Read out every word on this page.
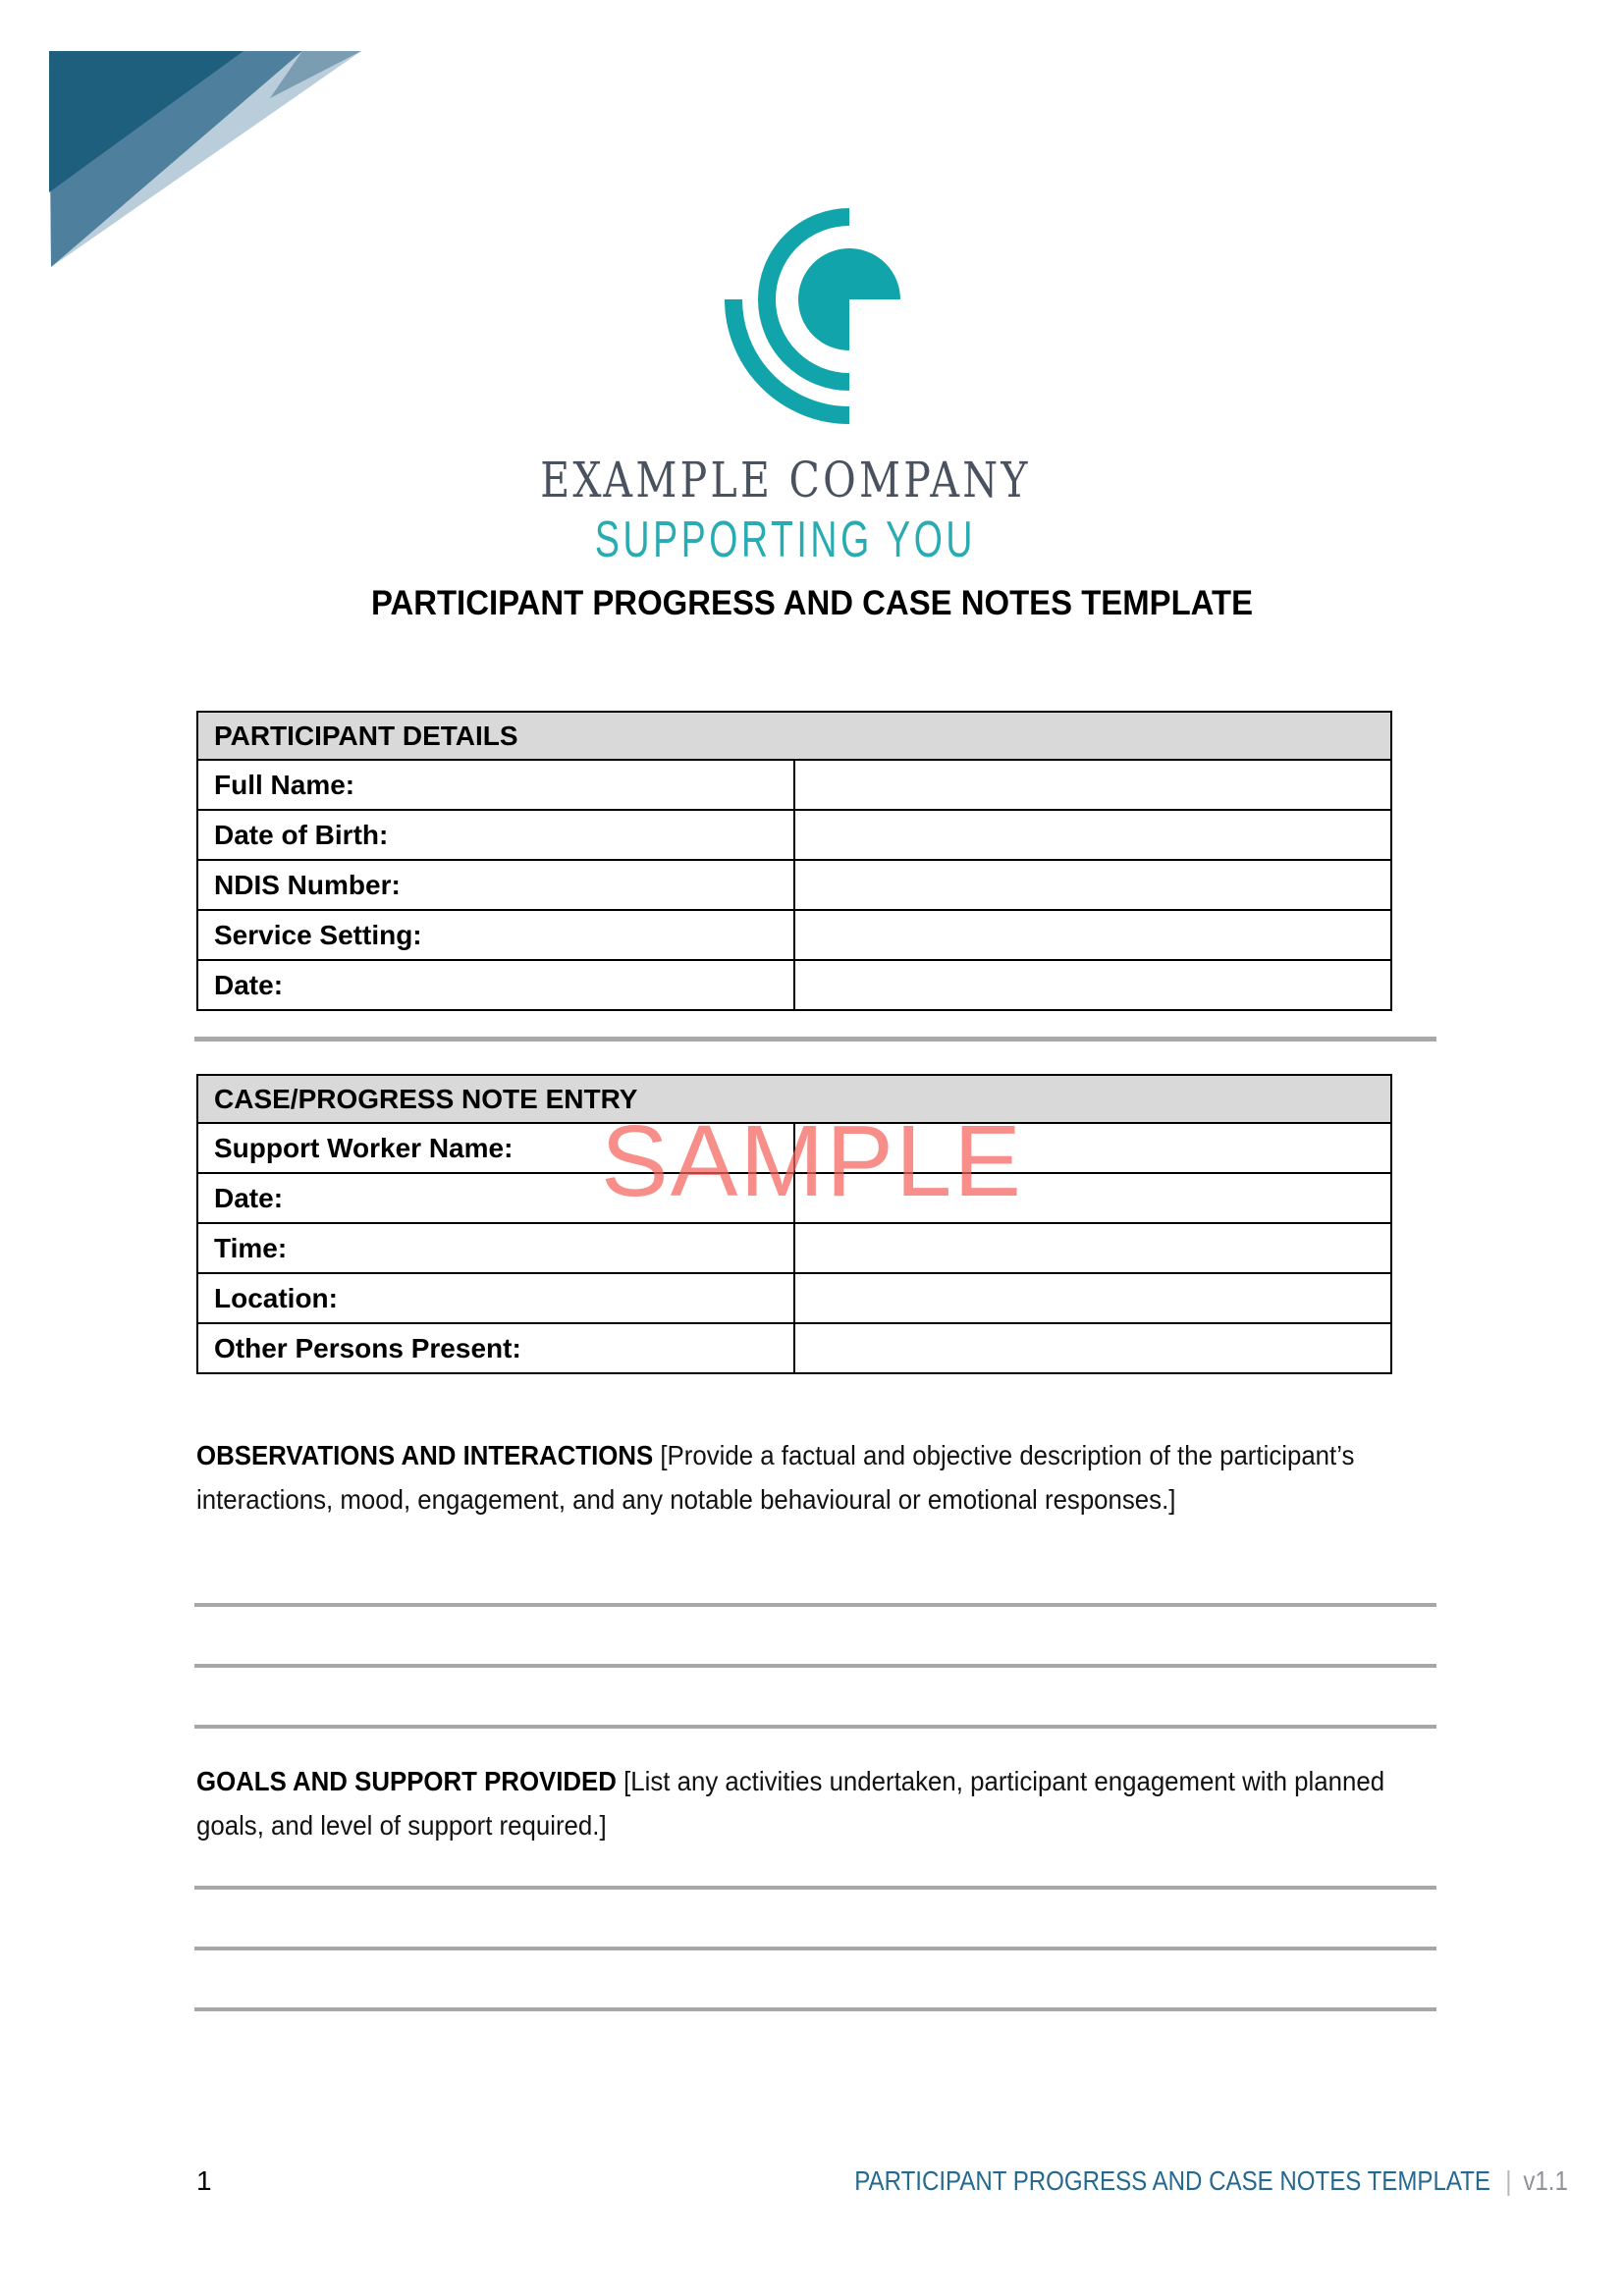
EXAMPLE COMPANY
SUPPORTING YOU
PARTICIPANT PROGRESS AND CASE NOTES TEMPLATE
PARTICIPANT DETAILS	
Full Name:	
Date of Birth:	
NDIS Number:	
Service Setting:	
Date:	
CASE/PROGRESS NOTE ENTRY	
Support Worker Name:	
Date:	
Time:	
Location:	
Other Persons Present:	
SAMPLE
OBSERVATIONS AND INTERACTIONS [Provide a factual and objective description of the participant’s interactions, mood, engagement, and any notable behavioural or emotional responses.]
GOALS AND SUPPORT PROVIDED [List any activities undertaken, participant engagement with planned goals, and level of support required.]
1	PARTICIPANT PROGRESS AND CASE NOTES TEMPLATE | v1.1
